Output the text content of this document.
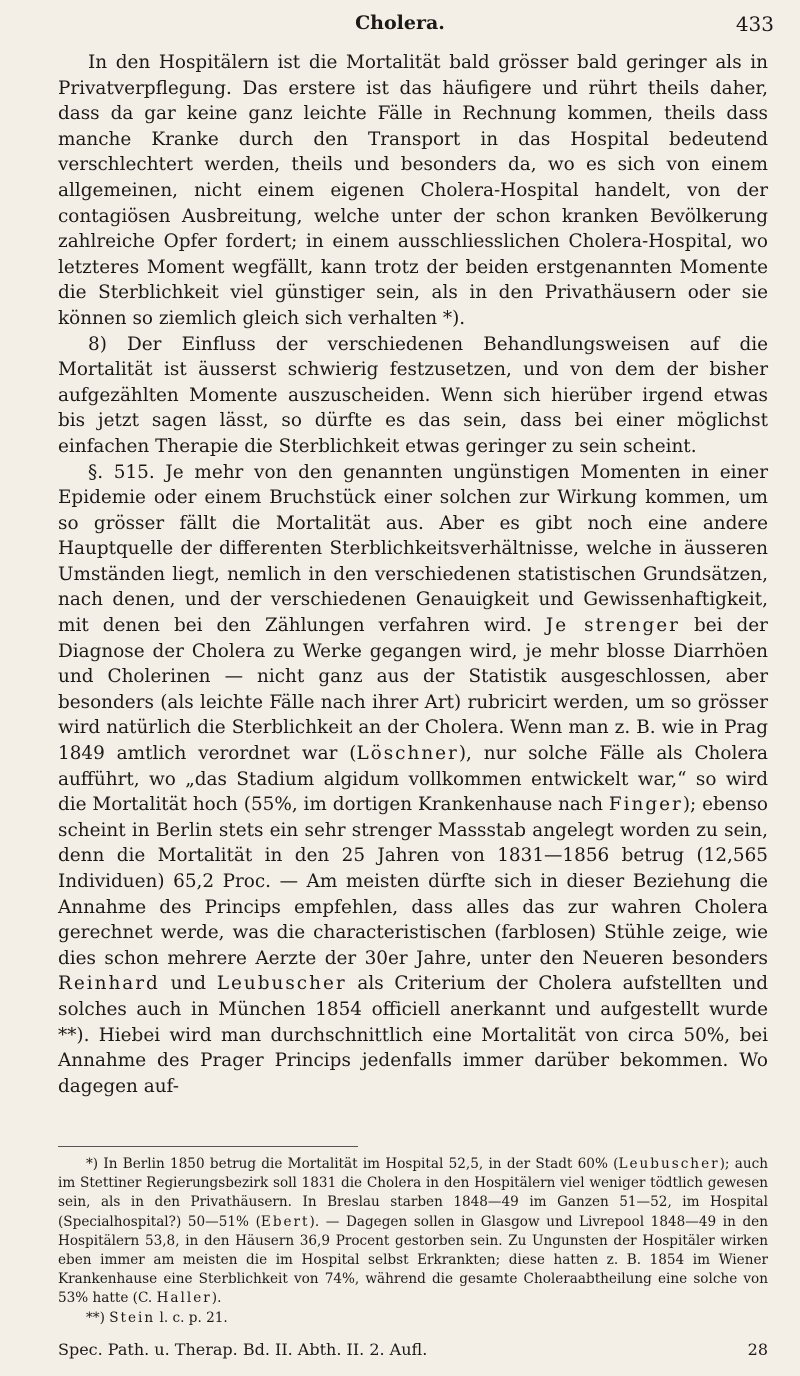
Cholera.	433

In den Hospitälern ist die Mortalität bald grösser bald geringer als in Privatverpflegung. Das erstere ist das häufigere und rührt theils daher, dass da gar keine ganz leichte Fälle in Rechnung kommen, theils dass manche Kranke durch den Transport in das Hospital bedeutend verschlechtert werden, theils und besonders da, wo es sich von einem allgemeinen, nicht einem eigenen Cholera-Hospital handelt, von der contagiösen Ausbreitung, welche unter der schon kranken Bevölkerung zahlreiche Opfer fordert; in einem ausschliesslichen Cholera-Hospital, wo letzteres Moment wegfällt, kann trotz der beiden erstgenannten Momente die Sterblichkeit viel günstiger sein, als in den Privathäusern oder sie können so ziemlich gleich sich verhalten *).

8) Der Einfluss der verschiedenen Behandlungsweisen auf die Mortalität ist äusserst schwierig festzusetzen, und von dem der bisher aufgezählten Momente auszuscheiden. Wenn sich hierüber irgend etwas bis jetzt sagen lässt, so dürfte es das sein, dass bei einer möglichst einfachen Therapie die Sterblichkeit etwas geringer zu sein scheint.

§. 515. Je mehr von den genannten ungünstigen Momenten in einer Epidemie oder einem Bruchstück einer solchen zur Wirkung kommen, um so grösser fällt die Mortalität aus. Aber es gibt noch eine andere Hauptquelle der differenten Sterblichkeitsverhältnisse, welche in äusseren Umständen liegt, nemlich in den verschiedenen statistischen Grundsätzen, nach denen, und der verschiedenen Genauigkeit und Gewissenhaftigkeit, mit denen bei den Zählungen verfahren wird. Je strenger bei der Diagnose der Cholera zu Werke gegangen wird, je mehr blosse Diarrhöen und Cholerinen — nicht ganz aus der Statistik ausgeschlossen, aber besonders (als leichte Fälle nach ihrer Art) rubricirt werden, um so grösser wird natürlich die Sterblichkeit an der Cholera. Wenn man z. B. wie in Prag 1849 amtlich verordnet war (Löschner), nur solche Fälle als Cholera aufführt, wo „das Stadium algidum vollkommen entwickelt war,“ so wird die Mortalität hoch (55%, im dortigen Krankenhause nach Finger); ebenso scheint in Berlin stets ein sehr strenger Massstab angelegt worden zu sein, denn die Mortalität in den 25 Jahren von 1831—1856 betrug (12,565 Individuen) 65,2 Proc. — Am meisten dürfte sich in dieser Beziehung die Annahme des Princips empfehlen, dass alles das zur wahren Cholera gerechnet werde, was die characteristischen (farblosen) Stühle zeige, wie dies schon mehrere Aerzte der 30er Jahre, unter den Neueren besonders Reinhard und Leubuscher als Criterium der Cholera aufstellten und solches auch in München 1854 officiell anerkannt und aufgestellt wurde **). Hiebei wird man durchschnittlich eine Mortalität von circa 50%, bei Annahme des Prager Princips jedenfalls immer darüber bekommen. Wo dagegen auf-

*) In Berlin 1850 betrug die Mortalität im Hospital 52,5, in der Stadt 60% (Leubuscher); auch im Stettiner Regierungsbezirk soll 1831 die Cholera in den Hospitälern viel weniger tödtlich gewesen sein, als in den Privathäusern. In Breslau starben 1848—49 im Ganzen 51—52, im Hospital (Specialhospital?) 50—51% (Ebert). — Dagegen sollen in Glasgow und Livrepool 1848—49 in den Hospitälern 53,8, in den Häusern 36,9 Procent gestorben sein. Zu Ungunsten der Hospitäler wirken eben immer am meisten die im Hospital selbst Erkrankten; diese hatten z. B. 1854 im Wiener Krankenhause eine Sterblichkeit von 74%, während die gesamte Choleraabtheilung eine solche von 53% hatte (C. Haller).

**) Stein l. c. p. 21.

Spec. Path. u. Therap. Bd. II. Abth. II. 2. Aufl.	28
